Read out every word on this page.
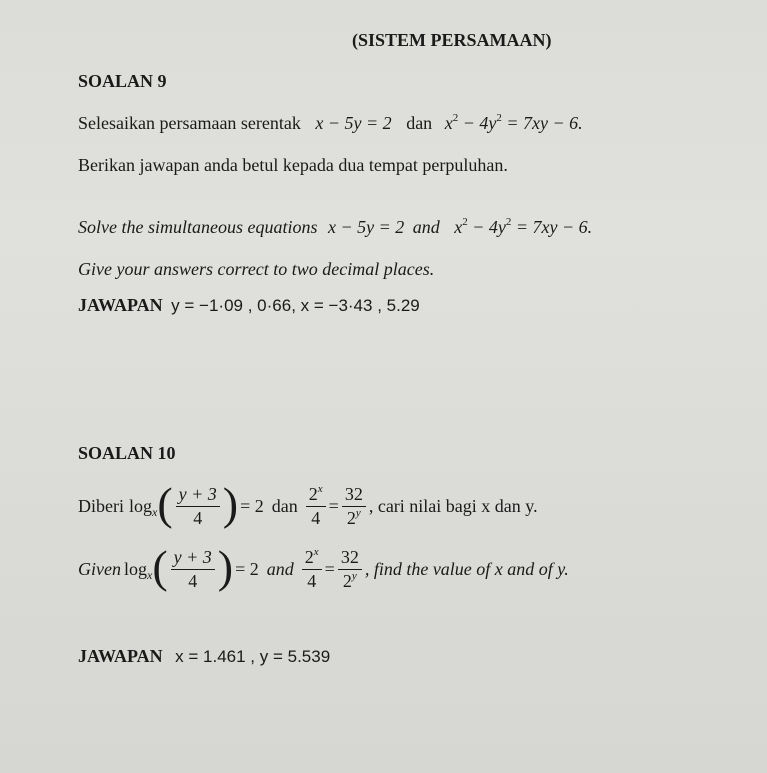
(SISTEM PERSAMAAN)
SOALAN 9
Selesaikan persamaan serentak x − 5y = 2 dan $x^2 - 4y^2 = 7xy - 6$.
Berikan jawapan anda betul kepada dua tempat perpuluhan.
Solve the simultaneous equations x − 5y = 2 and $x^2 - 4y^2 = 7xy - 6$.
Give your answers correct to two decimal places.
JAWAPAN y = −1·09 , 0·66, x = −3·43 , 5.29
SOALAN 10
Diberi $\log_x$ ( $\frac{y + 3}{4}$ ) = 2 dan $\frac{2^x}{4} = \frac{32}{2^y}$ , cari nilai bagi x dan y.
Given $\log_x$ ( $\frac{y + 3}{4}$ ) = 2 and $\frac{2^x}{4} = \frac{32}{2^y}$ , find the value of x and of y.
JAWAPAN x = 1.461 , y = 5.539
